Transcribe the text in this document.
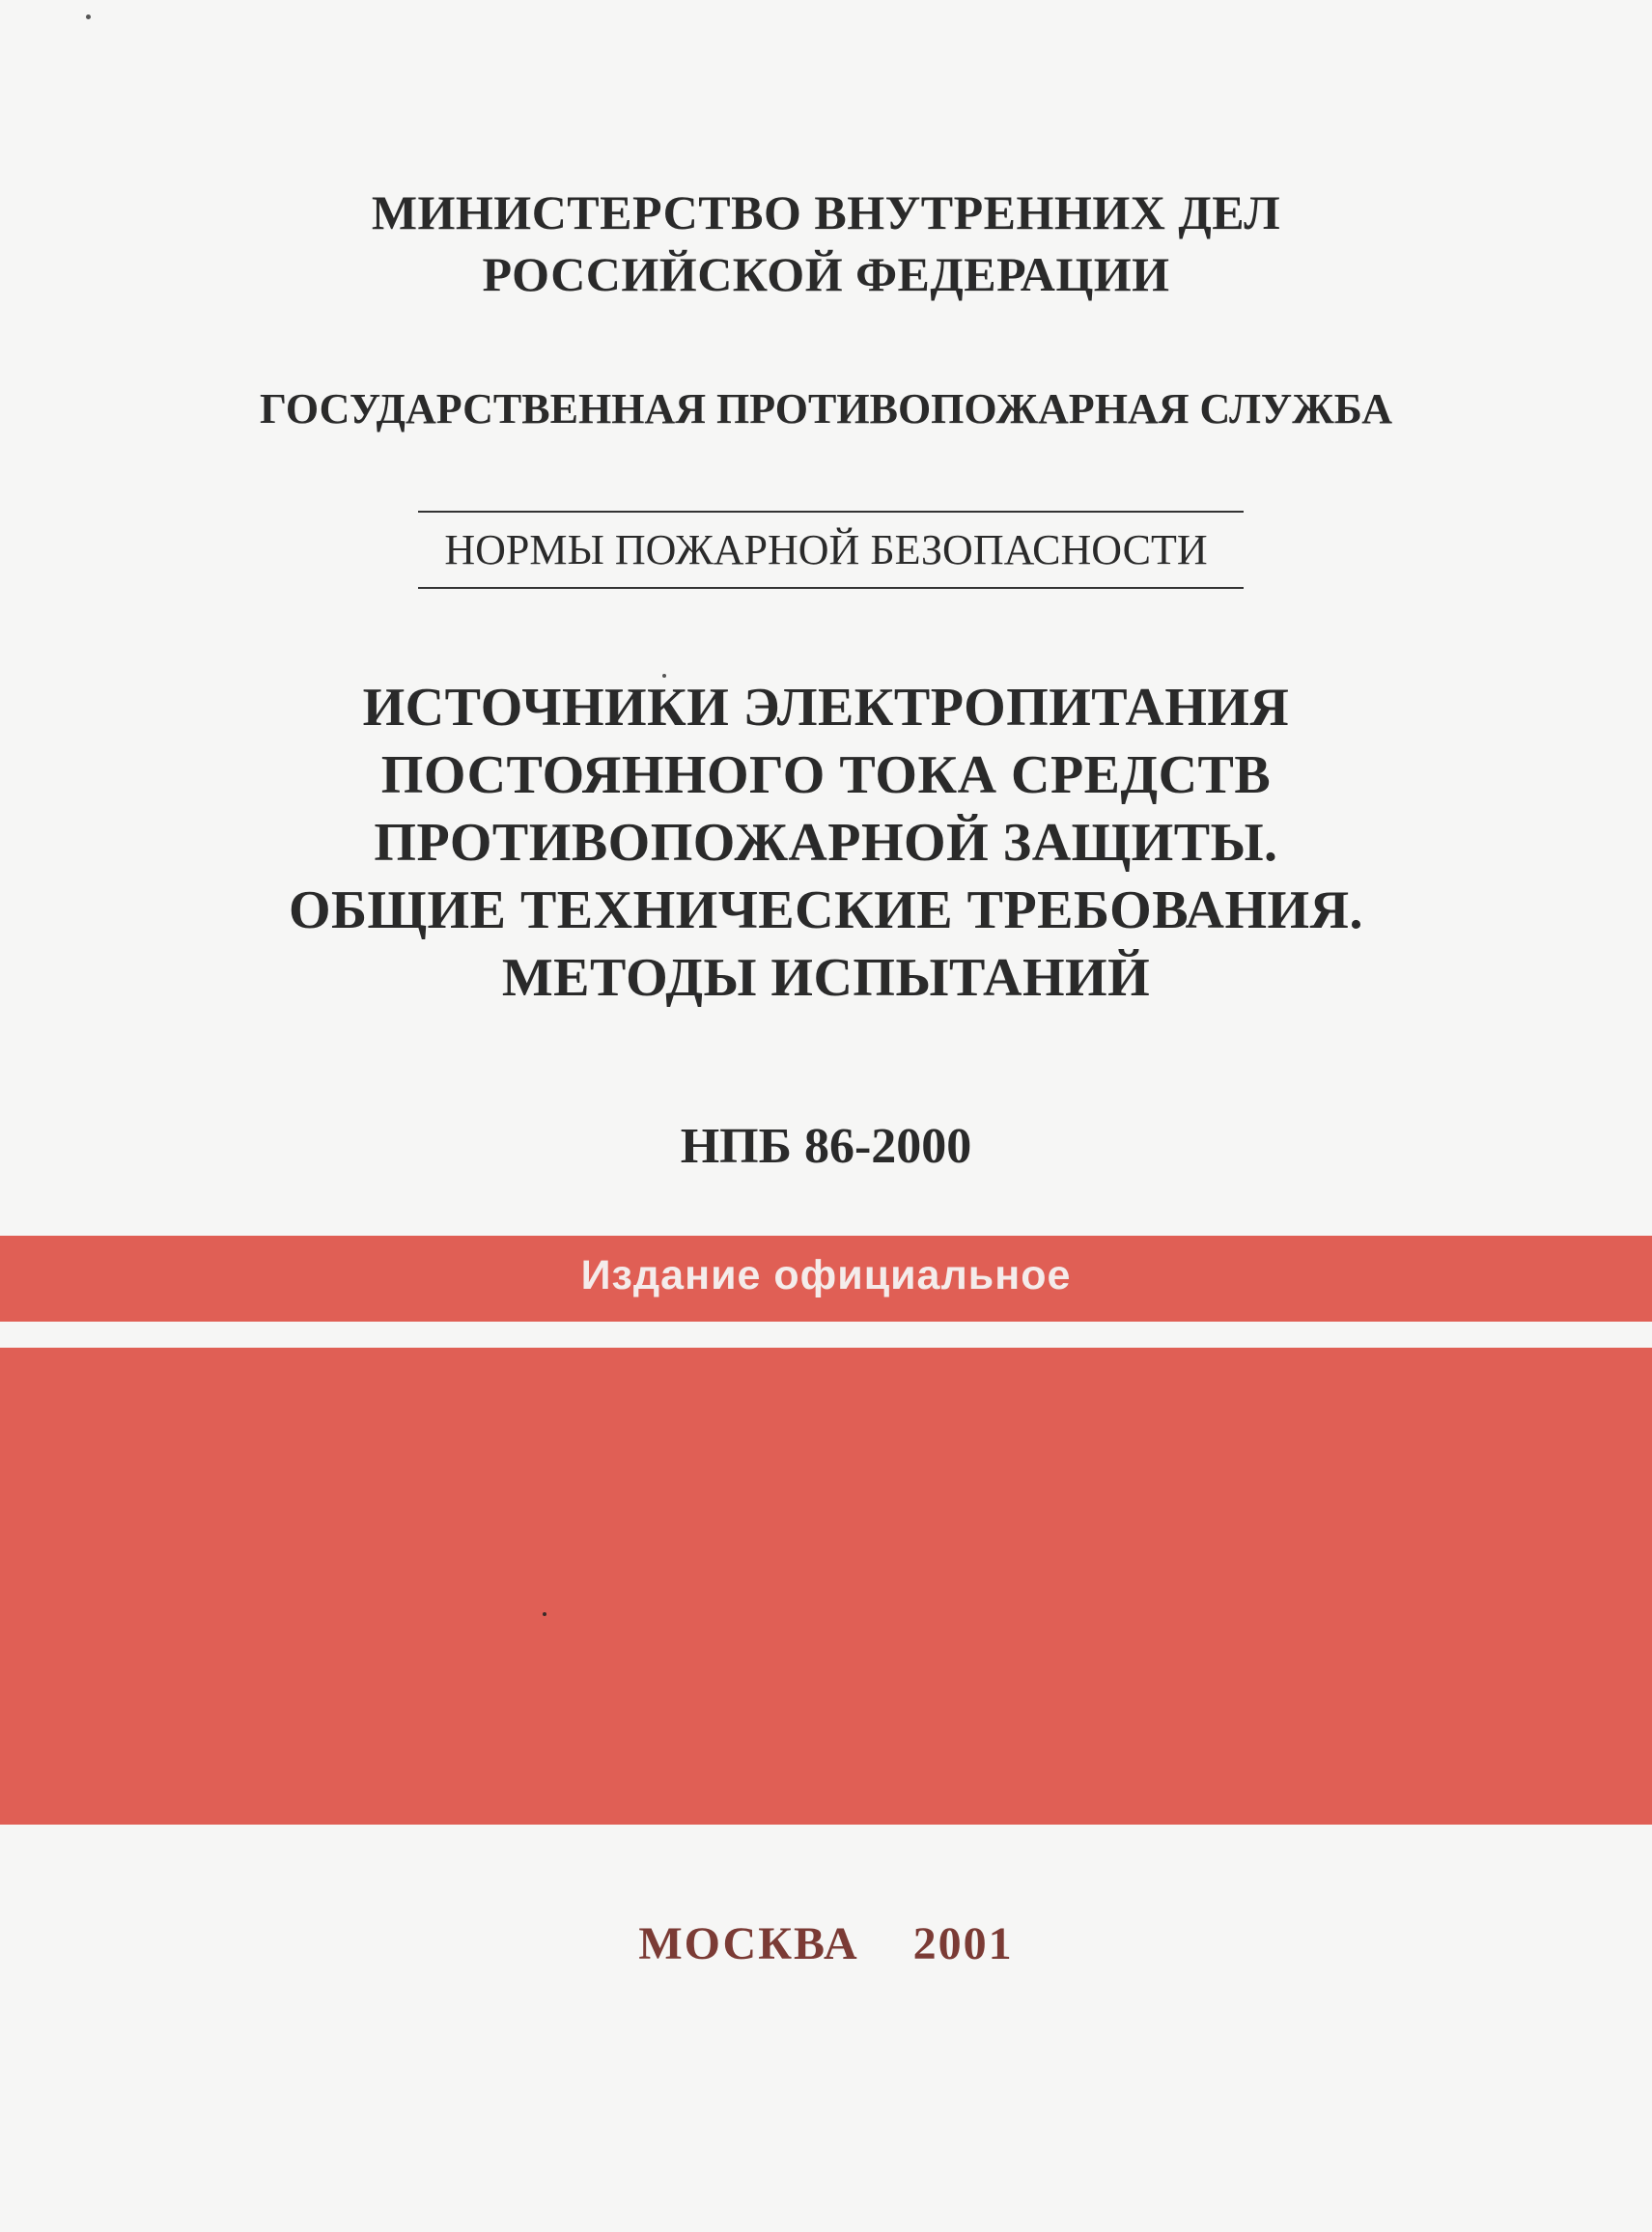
МИНИСТЕРСТВО ВНУТРЕННИХ ДЕЛ
РОССИЙСКОЙ ФЕДЕРАЦИИ
ГОСУДАРСТВЕННАЯ ПРОТИВОПОЖАРНАЯ СЛУЖБА
НОРМЫ ПОЖАРНОЙ БЕЗОПАСНОСТИ
ИСТОЧНИКИ ЭЛЕКТРОПИТАНИЯ
ПОСТОЯННОГО ТОКА СРЕДСТВ
ПРОТИВОПОЖАРНОЙ ЗАЩИТЫ.
ОБЩИЕ ТЕХНИЧЕСКИЕ ТРЕБОВАНИЯ.
МЕТОДЫ ИСПЫТАНИЙ
НПБ 86-2000
Издание официальное
МОСКВА  2001
